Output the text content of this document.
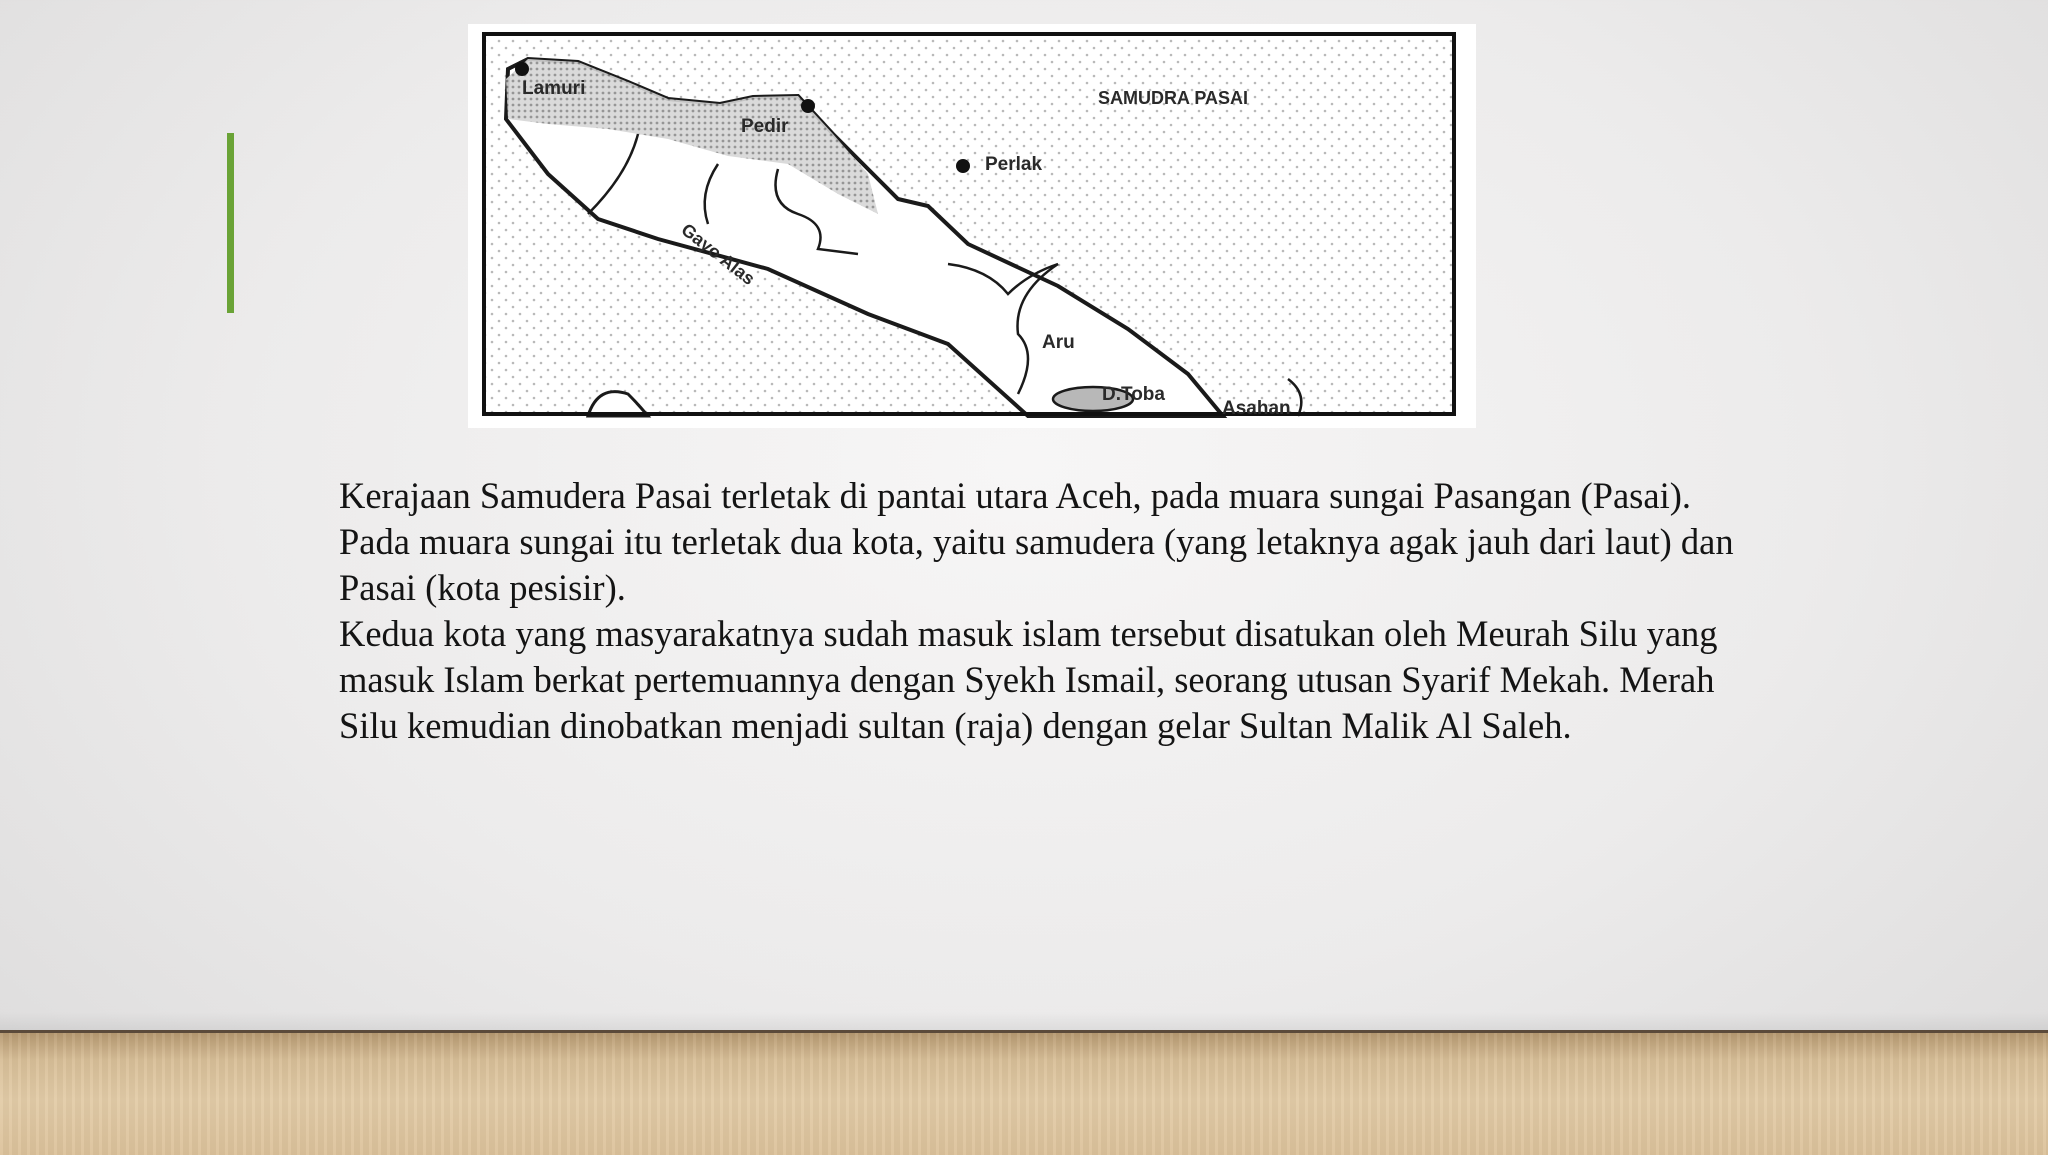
Lamuri
Pedir
Perlak
SAMUDRA PASAI
Gayo Alas
Aru
D.Toba
Asahan

Kerajaan Samudera Pasai terletak di pantai utara Aceh, pada muara sungai Pasangan (Pasai). Pada muara sungai itu terletak dua kota, yaitu samudera (yang letaknya agak jauh dari laut) dan Pasai (kota pesisir).

Kedua kota yang masyarakatnya sudah masuk islam tersebut disatukan oleh Meurah Silu yang masuk Islam berkat pertemuannya dengan Syekh Ismail, seorang utusan Syarif Mekah. Merah Silu kemudian dinobatkan menjadi sultan (raja) dengan gelar Sultan Malik Al Saleh.
